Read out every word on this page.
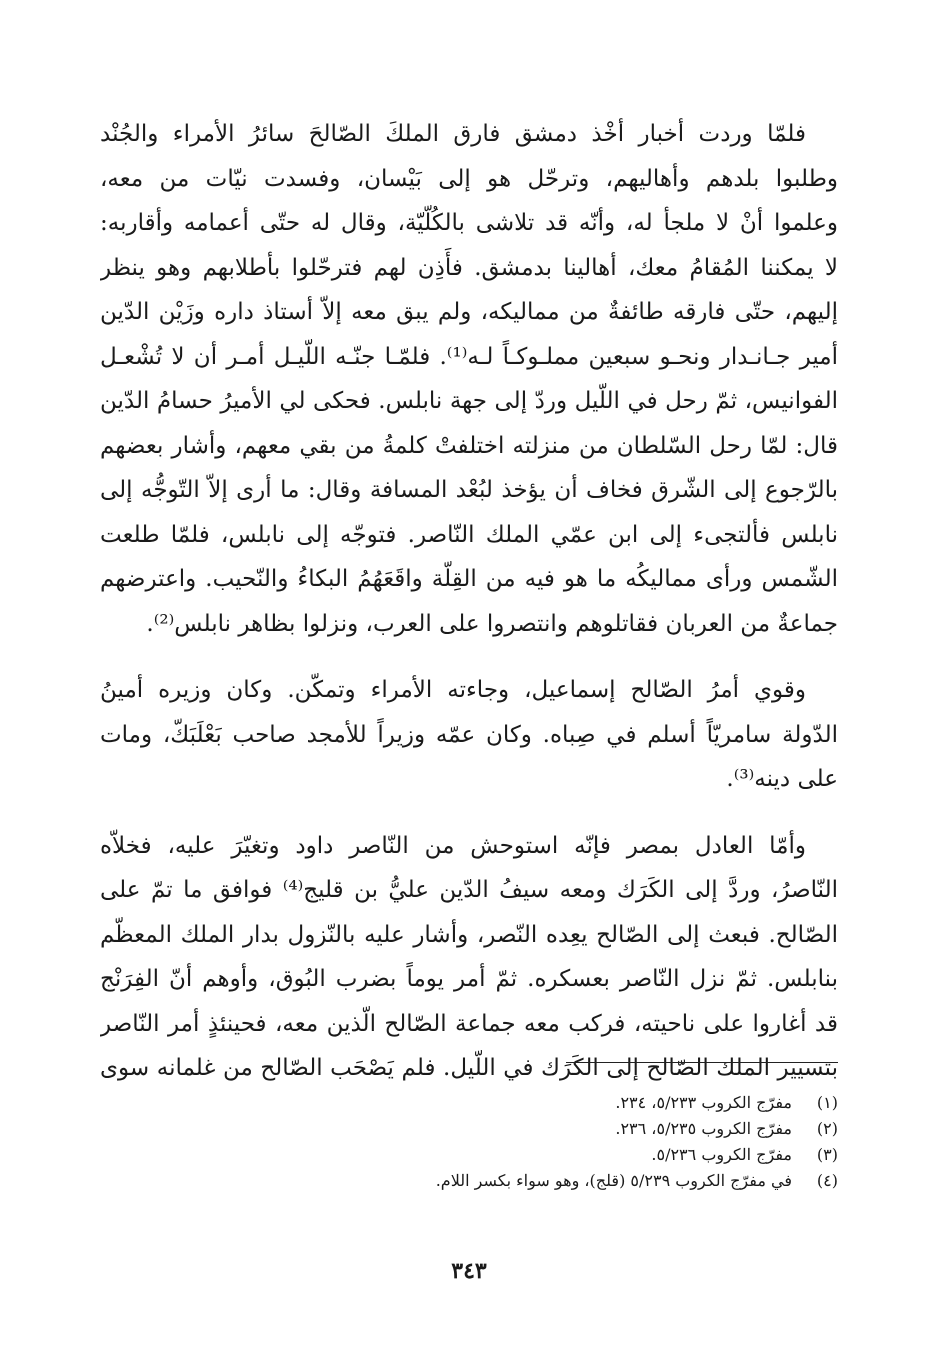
فلمّا وردت أخبار أخْذ دمشق فارق الملكَ الصّالحَ سائرُ الأمراء والجُنْد
وطلبوا بلدهم وأهاليهم، وترحّل هو إلى بَيْسان، وفسدت نيّات من معه،
وعلموا أنْ لا ملجأ له، وأنّه قد تلاشى بالكُلّيّة، وقال له حتّى أعمامه وأقاربه:
لا يمكننا المُقامُ معك، أهالينا بدمشق. فأَذِن لهم فترحّلوا بأطلابهم وهو ينظر
إليهم، حتّى فارقه طائفةٌ من مماليكه، ولم يبق معه إلاّ أستاذ داره وزَيْن الدّين
أمير جـانـدار ونحـو سبعين مملـوكـاً لـه⁽¹⁾. فلمّـا جنّـه اللّيـل أمـر أن لا تُشْعـل
الفوانيس، ثمّ رحل في اللّيل وردّ إلى جهة نابلس. فحكى لي الأميرُ حسامُ الدّين
قال: لمّا رحل السّلطان من منزلته اختلفتْ كلمةُ من بقي معهم، وأشار بعضهم
بالرّجوع إلى الشّرق فخاف أن يؤخذ لبُعْد المسافة وقال: ما أرى إلاّ التّوجُّه إلى
نابلس فألتجىء إلى ابن عمّي الملك النّاصر. فتوجّه إلى نابلس، فلمّا طلعت
الشّمس ورأى مماليكُه ما هو فيه من القِلّة واقَعَهُمُ البكاءُ والنّحيب. واعترضهم
جماعةٌ من العربان فقاتلوهم وانتصروا على العرب، ونزلوا بظاهر نابلس⁽²⁾.
وقوي أمرُ الصّالح إسماعيل، وجاءته الأمراء وتمكّن. وكان وزيره أمينُ
الدّولة سامريّاً أسلم في صِباه. وكان عمّه وزيراً للأمجد صاحب بَعْلَبَكّ، ومات
على دينه⁽³⁾.
وأمّا العادل بمصر فإنّه استوحش من النّاصر داود وتغيّرَ عليه، فخلاّه
النّاصرُ، وردَّ إلى الكَرَك ومعه سيفُ الدّين عليُّ بن قليج⁽⁴⁾ فوافق ما تمّ على
الصّالح. فبعث إلى الصّالح يعِده النّصر، وأشار عليه بالنّزول بدار الملك المعظّم
بنابلس. ثمّ نزل النّاصر بعسكره. ثمّ أمر يوماً بضرب البُوق، وأوهم أنّ الفِرَنْج
قد أغاروا على ناحيته، فركب معه جماعة الصّالح الّذين معه، فحينئذٍ أمر النّاصر
بتسيير الملك الصّالح إلى الكَرَك في اللّيل. فلم يَصْحَب الصّالح من غلمانه سوى
(١)
مفرّج الكروب ٥/٢٣٣، ٢٣٤.
(٢)
مفرّج الكروب ٥/٢٣٥، ٢٣٦.
(٣)
مفرّج الكروب ٥/٢٣٦.
(٤)
في مفرّج الكروب ٥/٢٣٩ (قلج)، وهو سواء بكسر اللام.
٣٤٣
